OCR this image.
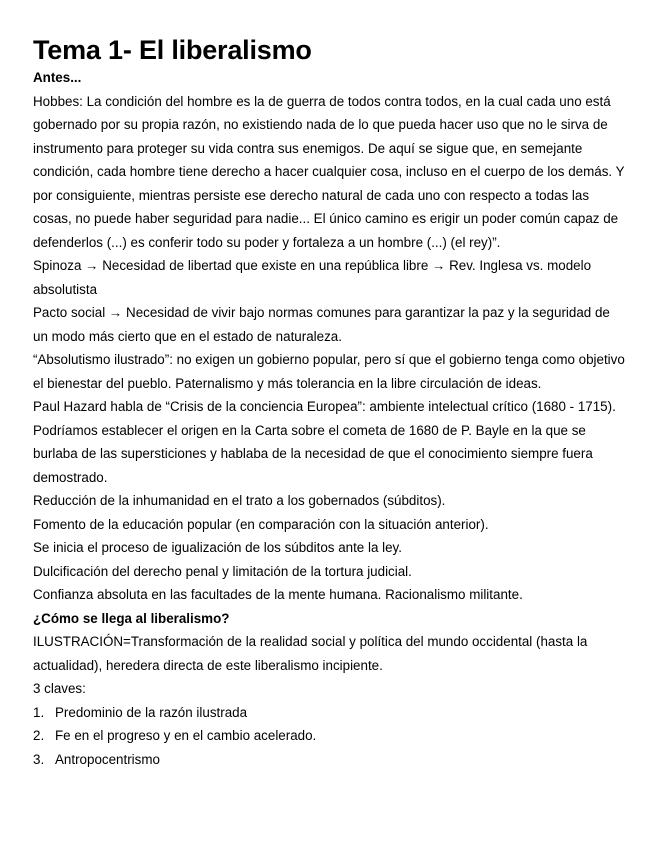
Tema 1- El liberalismo
Antes...

Hobbes: La condición del hombre es la de guerra de todos contra todos, en la cual cada uno está gobernado por su propia razón, no existiendo nada de lo que pueda hacer uso que no le sirva de instrumento para proteger su vida contra sus enemigos. De aquí se sigue que, en semejante condición, cada hombre tiene derecho a hacer cualquier cosa, incluso en el cuerpo de los demás. Y por consiguiente, mientras persiste ese derecho natural de cada uno con respecto a todas las cosas, no puede haber seguridad para nadie... El único camino es erigir un poder común capaz de defenderlos (...) es conferir todo su poder y fortaleza a un hombre (...) (el rey)”.

Spinoza → Necesidad de libertad que existe en una república libre → Rev. Inglesa vs. modelo absolutista

Pacto social → Necesidad de vivir bajo normas comunes para garantizar la paz y la seguridad de un modo más cierto que en el estado de naturaleza.

“Absolutismo ilustrado”: no exigen un gobierno popular, pero sí que el gobierno tenga como objetivo el bienestar del pueblo. Paternalismo y más tolerancia en la libre circulación de ideas.

Paul Hazard habla de “Crisis de la conciencia Europea”: ambiente intelectual crítico (1680 - 1715). Podríamos establecer el origen en la Carta sobre el cometa de 1680 de P. Bayle en la que se burlaba de las supersticiones y hablaba de la necesidad de que el conocimiento siempre fuera demostrado.

Reducción de la inhumanidad en el trato a los gobernados (súbditos).

Fomento de la educación popular (en comparación con la situación anterior).

Se inicia el proceso de igualización de los súbditos ante la ley.

Dulcificación del derecho penal y limitación de la tortura judicial.

Confianza absoluta en las facultades de la mente humana. Racionalismo militante.

¿Cómo se llega al liberalismo?

ILUSTRACIÓN=Transformación de la realidad social y política del mundo occidental (hasta la actualidad), heredera directa de este liberalismo incipiente.

3 claves:

1. Predominio de la razón ilustrada
2. Fe en el progreso y en el cambio acelerado.
3. Antropocentrismo
